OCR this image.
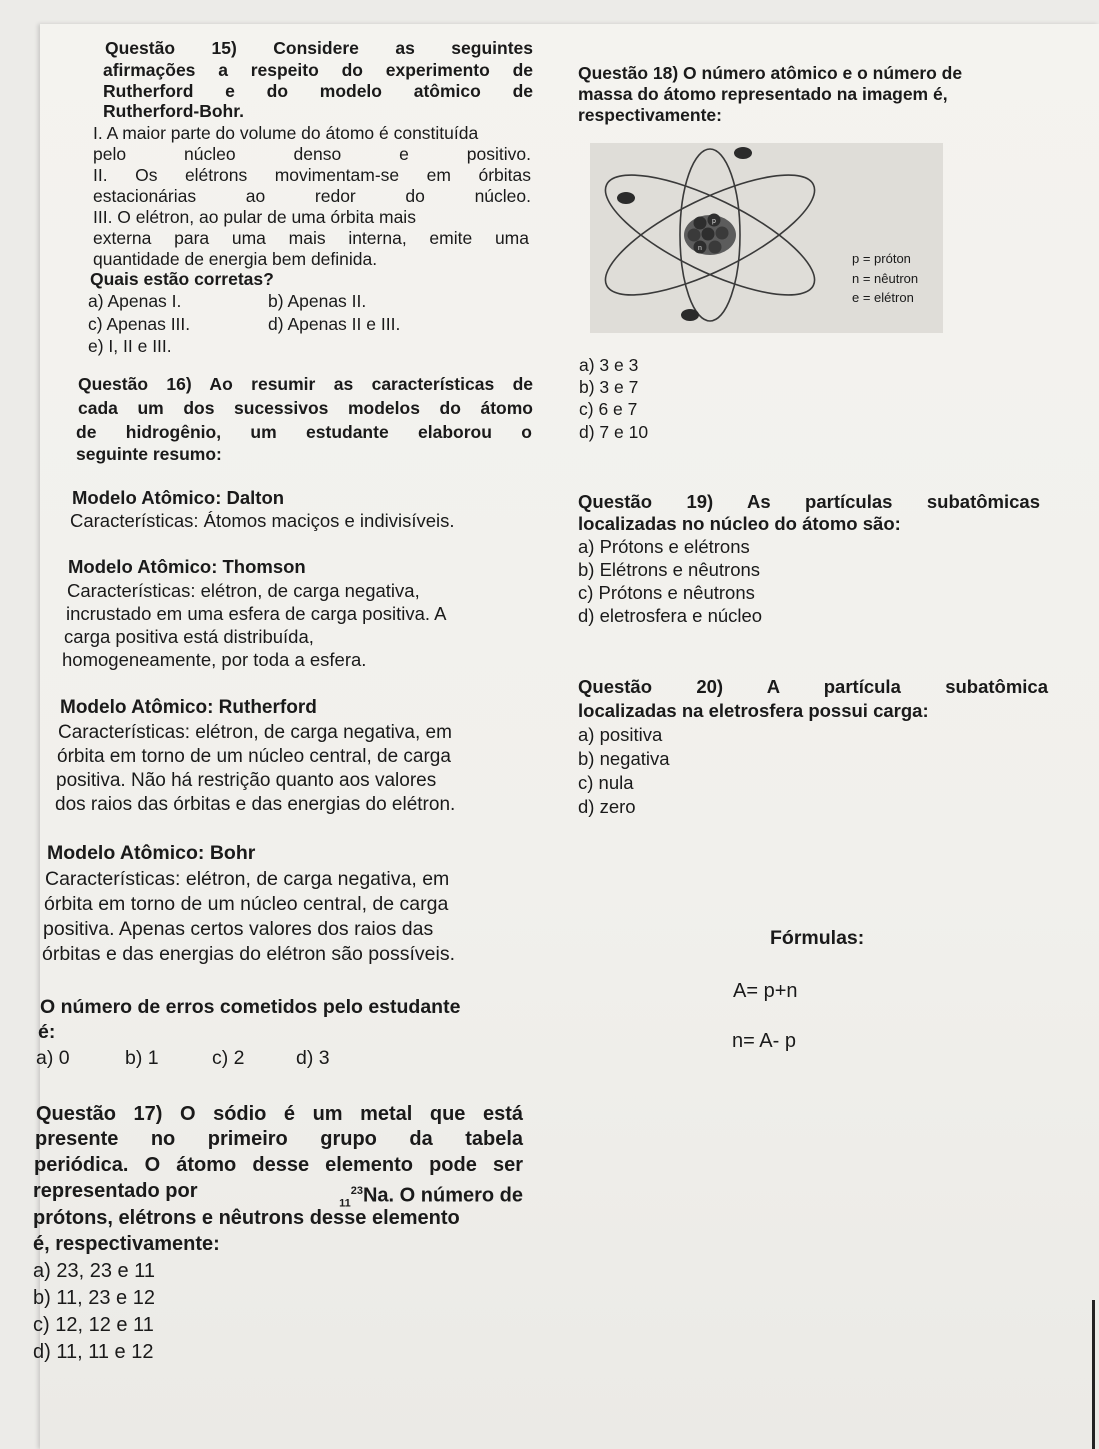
Questão 15) Considere as seguintes
afirmações a respeito do experimento de
Rutherford e do modelo atômico de
Rutherford-Bohr.
I. A maior parte do volume do átomo é constituída
pelo núcleo denso e positivo.
II. Os elétrons movimentam-se em órbitas
estacionárias ao redor do núcleo.
III. O elétron, ao pular de uma órbita mais
externa para uma mais interna, emite uma
quantidade de energia bem definida.
Quais estão corretas?
a) Apenas I.	b) Apenas II.
c) Apenas III.	d) Apenas II e III.
e) I, II e III.
Questão 16) Ao resumir as características de
cada um dos sucessivos modelos do átomo
de hidrogênio, um estudante elaborou o
seguinte resumo:
Modelo Atômico: Dalton
Características: Átomos maciços e indivisíveis.
Modelo Atômico: Thomson
Características: elétron, de carga negativa,
incrustado em uma esfera de carga positiva. A
carga positiva está distribuída,
homogeneamente, por toda a esfera.
Modelo Atômico: Rutherford
Características: elétron, de carga negativa, em
órbita em torno de um núcleo central, de carga
positiva. Não há restrição quanto aos valores
dos raios das órbitas e das energias do elétron.
Modelo Atômico: Bohr
Características: elétron, de carga negativa, em
órbita em torno de um núcleo central, de carga
positiva. Apenas certos valores dos raios das
órbitas e das energias do elétron são possíveis.
O número de erros cometidos pelo estudante
é:
a) 0	b) 1	c) 2	d) 3
Questão 17) O sódio é um metal que está
presente no primeiro grupo da tabela
periódica. O átomo desse elemento pode ser
representado por
$_{11}^{23}$Na. O número de
prótons, elétrons e nêutrons desse elemento
é, respectivamente:
a) 23, 23 e 11
b) 11, 23 e 12
c) 12, 12 e 11
d) 11, 11 e 12
Questão 18) O número atômico e o número de
massa do átomo representado na imagem é,
respectivamente:
p
n
p = próton
n = nêutron
e = elétron
a) 3 e 3
b) 3 e 7
c) 6 e 7
d) 7 e 10
Questão 19) As partículas subatômicas
localizadas no núcleo do átomo são:
a) Prótons e elétrons
b) Elétrons e nêutrons
c) Prótons e nêutrons
d) eletrosfera e núcleo
Questão 20) A partícula subatômica
localizadas na eletrosfera possui carga:
a) positiva
b) negativa
c) nula
d) zero
Fórmulas:
A= p+n
n= A- p
